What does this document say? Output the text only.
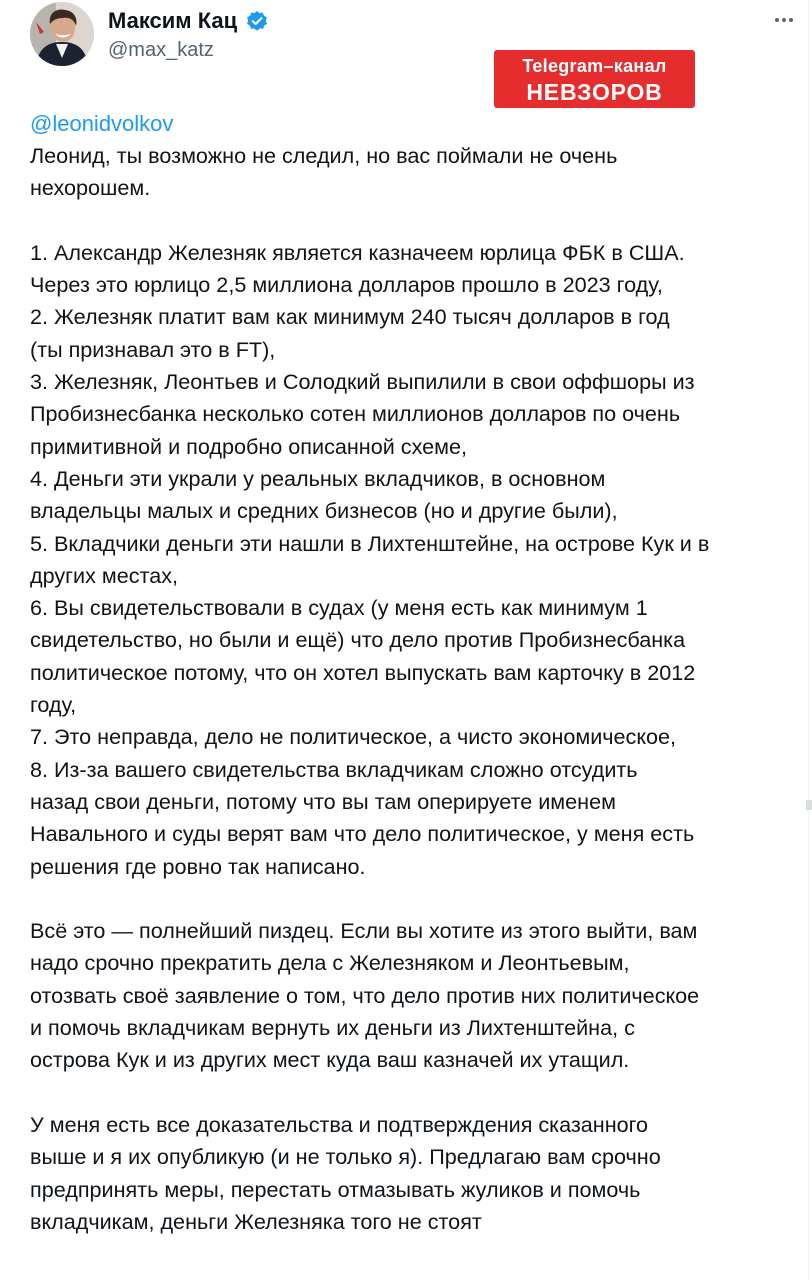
Максим Кац
@max_katz
Telegram–канал
НЕВЗОРОВ
@leonidvolkov

Леонид, ты возможно не следил, но вас поймали не очень
нехорошем.

1. Александр Железняк является казначеем юрлица ФБК в США.
Через это юрлицо 2,5 миллиона долларов прошло в 2023 году,
2. Железняк платит вам как минимум 240 тысяч долларов в год
(ты признавал это в FT),
3. Железняк, Леонтьев и Солодкий выпилили в свои оффшоры из
Пробизнесбанка несколько сотен миллионов долларов по очень
примитивной и подробно описанной схеме,
4. Деньги эти украли у реальных вкладчиков, в основном
владельцы малых и средних бизнесов (но и другие были),
5. Вкладчики деньги эти нашли в Лихтенштейне, на острове Кук и в
других местах,
6. Вы свидетельствовали в судах (у меня есть как минимум 1
свидетельство, но были и ещё) что дело против Пробизнесбанка
политическое потому, что он хотел выпускать вам карточку в 2012
году,
7. Это неправда, дело не политическое, а чисто экономическое,
8. Из-за вашего свидетельства вкладчикам сложно отсудить
назад свои деньги, потому что вы там оперируете именем
Навального и суды верят вам что дело политическое, у меня есть
решения где ровно так написано.

Всё это — полнейший пиздец. Если вы хотите из этого выйти, вам
надо срочно прекратить дела с Железняком и Леонтьевым,
отозвать своё заявление о том, что дело против них политическое
и помочь вкладчикам вернуть их деньги из Лихтенштейна, с
острова Кук и из других мест куда ваш казначей их утащил.

У меня есть все доказательства и подтверждения сказанного
выше и я их опубликую (и не только я). Предлагаю вам срочно
предпринять меры, перестать отмазывать жуликов и помочь
вкладчикам, деньги Железняка того не стоят
